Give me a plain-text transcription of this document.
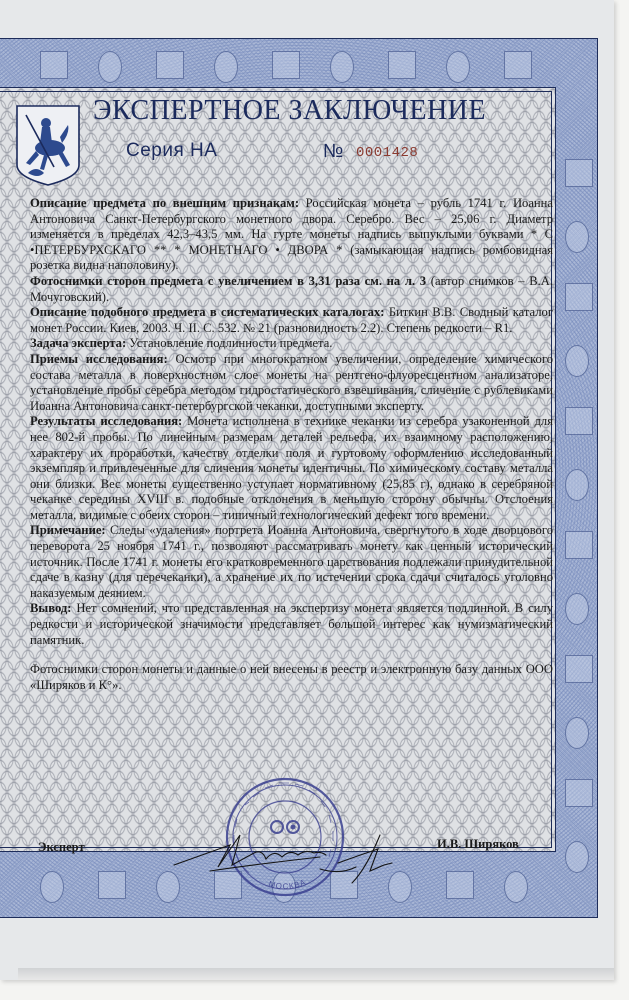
ЭКСПЕРТНОЕ ЗАКЛЮЧЕНИЕ
Серия НА	№ 0001428

Описание предмета по внешним признакам: Российская монета – рубль 1741 г. Иоанна Антоновича Санкт-Петербургского монетного двора. Серебро. Вес – 25,06 г. Диаметр изменяется в пределах 42,3–43,5 мм. На гурте монеты надпись выпуклыми буквами * С •ПЕТЕРБУРХСКАГО ** * МОНЕТНАГО • ДВОРА * (замыкающая надпись ромбовидная розетка видна наполовину).

Фотоснимки сторон предмета с увеличением в 3,31 раза см. на л. 3 (автор снимков – В.А. Мочуговский).

Описание подобного предмета в систематических каталогах: Биткин В.В. Сводный каталог монет России. Киев, 2003. Ч. II. С. 532. № 21 (разновидность 2.2). Степень редкости – R1.

Задача эксперта: Установление подлинности предмета.

Приемы исследования: Осмотр при многократном увеличении, определение химического состава металла в поверхностном слое монеты на рентгено-флуоресцентном анализаторе, установление пробы серебра методом гидростатического взвешивания, сличение с рублевиками Иоанна Антоновича санкт-петербургской чеканки, доступными эксперту.

Результаты исследования: Монета исполнена в технике чеканки из серебра узаконенной для нее 802-й пробы. По линейным размерам деталей рельефа, их взаимному расположению, характеру их проработки, качеству отделки поля и гуртовому оформлению исследованный экземпляр и привлеченные для сличения монеты идентичны. По химическому составу металла они близки. Вес монеты существенно уступает нормативному (25,85 г), однако в серебряной чеканке середины XVIII в. подобные отклонения в меньшую сторону обычны. Отслоения металла, видимые с обеих сторон – типичный технологический дефект того времени.

Примечание: Следы «удаления» портрета Иоанна Антоновича, свергнутого в ходе дворцового переворота 25 ноября 1741 г., позволяют рассматривать монету как ценный исторический источник. После 1741 г. монеты его кратковременного царствования подлежали принудительной сдаче в казну (для перечеканки), а хранение их по истечении срока сдачи считалось уголовно наказуемым деянием.

Вывод: Нет сомнений, что представленная на экспертизу монета является подлинной. В силу редкости и исторической значимости представляет большой интерес как нумизматический памятник.

Фотоснимки сторон монеты и данные о ней внесены в реестр и электронную базу данных ООО «Ширяков и К°».

МОСКВА
Эксперт	И.В. Ширяков
